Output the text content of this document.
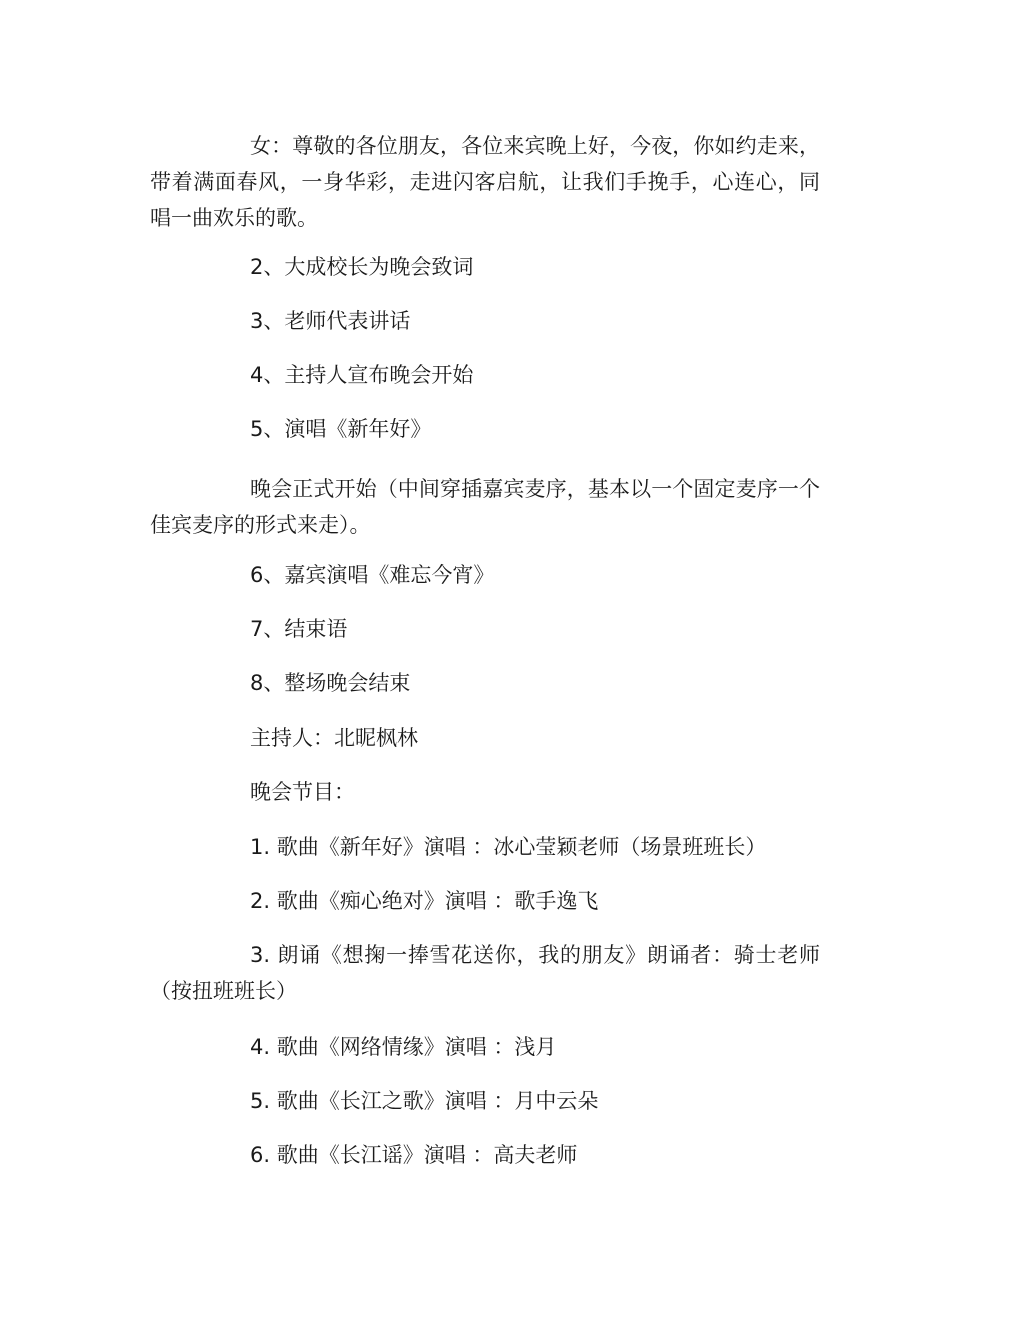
女：尊敬的各位朋友，各位来宾晚上好，今夜，你如约走来，带着满面春风，一身华彩，走进闪客启航，让我们手挽手，心连心，同唱一曲欢乐的歌。

2、大成校长为晚会致词

3、老师代表讲话

4、主持人宣布晚会开始

5、演唱《新年好》

晚会正式开始（中间穿插嘉宾麦序，基本以一个固定麦序一个佳宾麦序的形式来走）。

6、嘉宾演唱《难忘今宵》

7、结束语

8、整场晚会结束

主持人：北昵枫林

晚会节目：

1. 歌曲《新年好》演唱 ：冰心莹颖老师（场景班班长）

2. 歌曲《痴心绝对》演唱 ：歌手逸飞

3. 朗诵《想掬一捧雪花送你，我的朋友》朗诵者：骑士老师（按扭班班长）

4. 歌曲《网络情缘》演唱 ：浅月

5. 歌曲《长江之歌》演唱 ：月中云朵

6. 歌曲《长江谣》演唱 ：高夫老师
